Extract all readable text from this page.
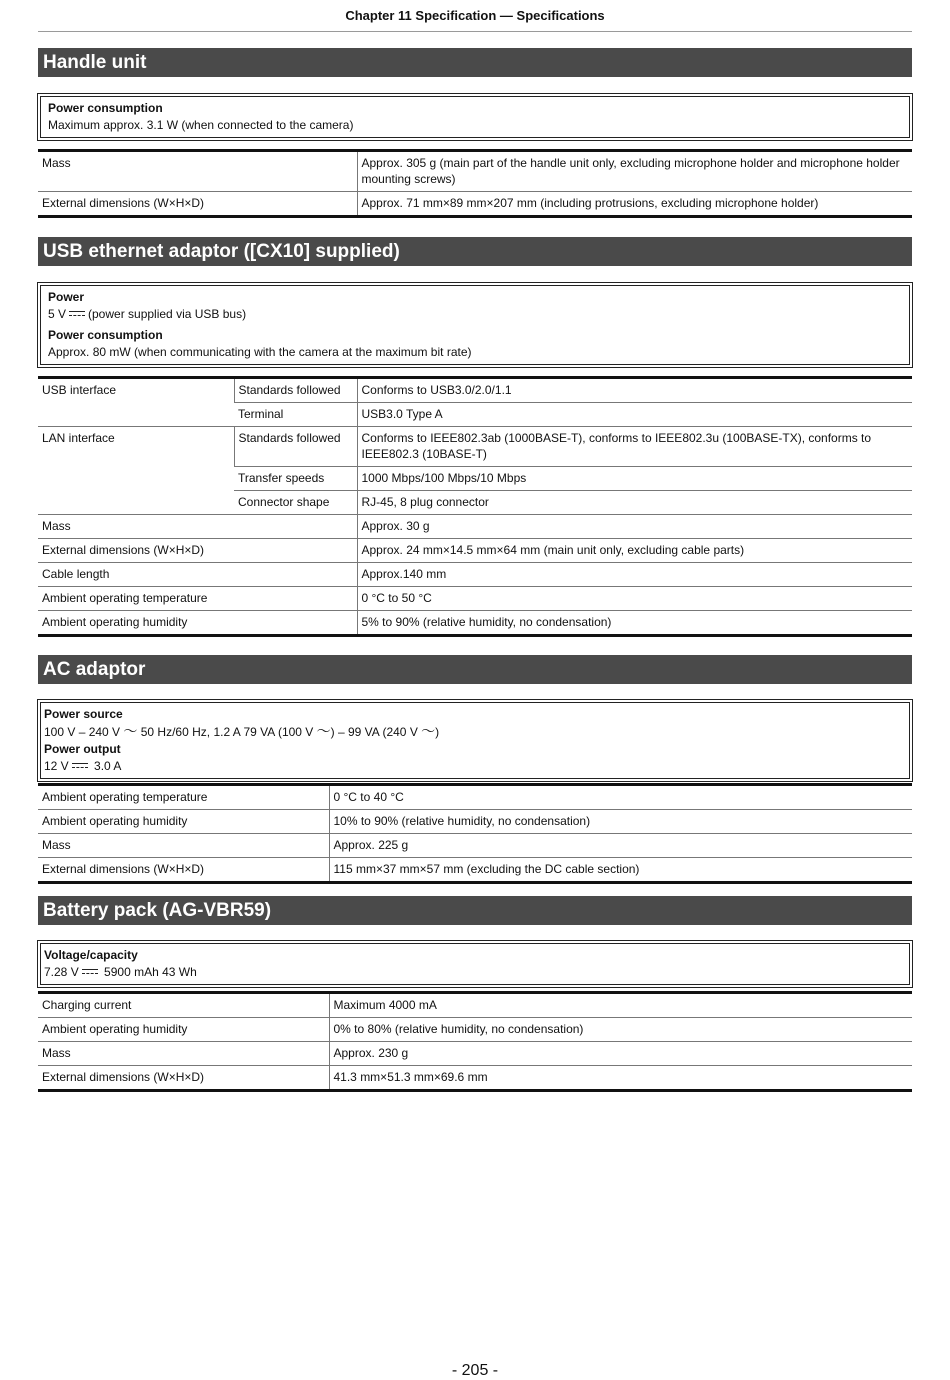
Chapter 11 Specification — Specifications
Handle unit
Power consumption
Maximum approx. 3.1 W (when connected to the camera)
Mass	Approx. 305 g (main part of the handle unit only, excluding microphone holder and microphone holder mounting screws)
External dimensions (W×H×D)	Approx. 71 mm×89 mm×207 mm (including protrusions, excluding microphone holder)
USB ethernet adaptor ([CX10] supplied)
Power
5 V (power supplied via USB bus)
Power consumption
Approx. 80 mW (when communicating with the camera at the maximum bit rate)
USB interface	Standards followed	Conforms to USB3.0/2.0/1.1
	Terminal	USB3.0 Type A
LAN interface	Standards followed	Conforms to IEEE802.3ab (1000BASE-T), conforms to IEEE802.3u (100BASE-TX), conforms to IEEE802.3 (10BASE-T)
	Transfer speeds	1000 Mbps/100 Mbps/10 Mbps
	Connector shape	RJ-45, 8 plug connector
Mass		Approx. 30 g
External dimensions (W×H×D)		Approx. 24 mm×14.5 mm×64 mm (main unit only, excluding cable parts)
Cable length		Approx.140 mm
Ambient operating temperature		0 °C to 50 °C
Ambient operating humidity		5% to 90% (relative humidity, no condensation)
AC adaptor
Power source
100 V – 240 V ～ 50 Hz/60 Hz, 1.2 A 79 VA (100 V ～) – 99 VA (240 V ～)
Power output
12 V 3.0 A
Ambient operating temperature	0 °C to 40 °C
Ambient operating humidity	10% to 90% (relative humidity, no condensation)
Mass	Approx. 225 g
External dimensions (W×H×D)	115 mm×37 mm×57 mm (excluding the DC cable section)
Battery pack (AG-VBR59)
Voltage/capacity
7.28 V 5900 mAh 43 Wh
Charging current	Maximum 4000 mA
Ambient operating humidity	0% to 80% (relative humidity, no condensation)
Mass	Approx. 230 g
External dimensions (W×H×D)	41.3 mm×51.3 mm×69.6 mm
- 205 -
